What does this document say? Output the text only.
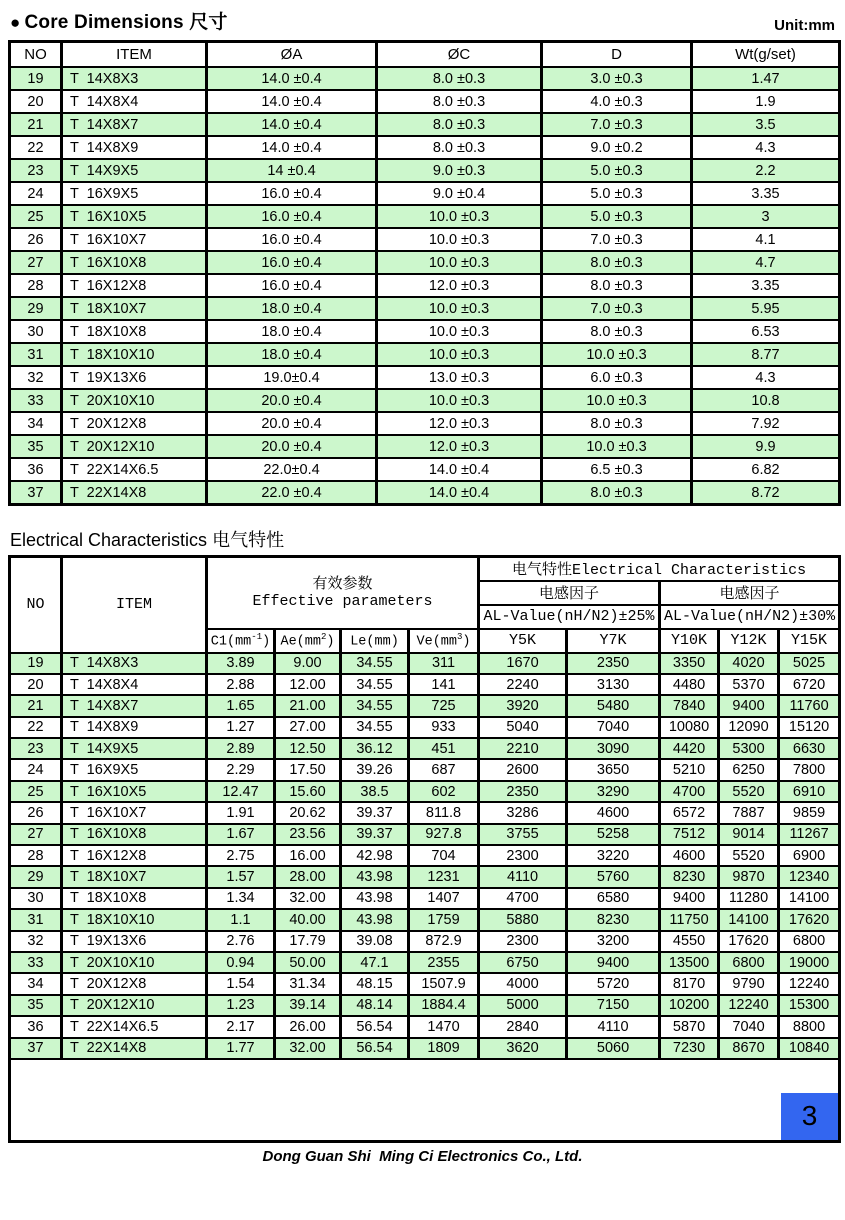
● Core Dimensions 尺寸	Unit:mm
NO	ITEM	ØA	ØC	D	Wt(g/set)
19	T  14X8X3	14.0 ±0.4	8.0 ±0.3	3.0 ±0.3	1.47
20	T  14X8X4	14.0 ±0.4	8.0 ±0.3	4.0 ±0.3	1.9
21	T  14X8X7	14.0 ±0.4	8.0 ±0.3	7.0 ±0.3	3.5
22	T  14X8X9	14.0 ±0.4	8.0 ±0.3	9.0 ±0.2	4.3
23	T  14X9X5	14 ±0.4	9.0 ±0.3	5.0 ±0.3	2.2
24	T  16X9X5	16.0 ±0.4	9.0 ±0.4	5.0 ±0.3	3.35
25	T  16X10X5	16.0 ±0.4	10.0 ±0.3	5.0 ±0.3	3
26	T  16X10X7	16.0 ±0.4	10.0 ±0.3	7.0 ±0.3	4.1
27	T  16X10X8	16.0 ±0.4	10.0 ±0.3	8.0 ±0.3	4.7
28	T  16X12X8	16.0 ±0.4	12.0 ±0.3	8.0 ±0.3	3.35
29	T  18X10X7	18.0 ±0.4	10.0 ±0.3	7.0 ±0.3	5.95
30	T  18X10X8	18.0 ±0.4	10.0 ±0.3	8.0 ±0.3	6.53
31	T  18X10X10	18.0 ±0.4	10.0 ±0.3	10.0 ±0.3	8.77
32	T  19X13X6	19.0±0.4	13.0 ±0.3	6.0 ±0.3	4.3
33	T  20X10X10	20.0 ±0.4	10.0 ±0.3	10.0 ±0.3	10.8
34	T  20X12X8	20.0 ±0.4	12.0 ±0.3	8.0 ±0.3	7.92
35	T  20X12X10	20.0 ±0.4	12.0 ±0.3	10.0 ±0.3	9.9
36	T  22X14X6.5	22.0±0.4	14.0 ±0.4	6.5 ±0.3	6.82
37	T  22X14X8	22.0 ±0.4	14.0 ±0.4	8.0 ±0.3	8.72
Electrical Characteristics 电气特性
NO	ITEM	有效参数
Effective parameters				电气特性Electrical Characteristics				
						电感因子		电感因子		
						AL-Value(nH/N2)±25%		AL-Value(nH/N2)±30%		
		$C1(mm^{-1})$	$Ae(mm^2)$	Le(mm)	$Ve(mm^3)$	Y5K	Y7K	Y10K	Y12K	Y15K
19	T  14X8X3	3.89	9.00	34.55	311	1670	2350	3350	4020	5025
20	T  14X8X4	2.88	12.00	34.55	141	2240	3130	4480	5370	6720
21	T  14X8X7	1.65	21.00	34.55	725	3920	5480	7840	9400	11760
22	T  14X8X9	1.27	27.00	34.55	933	5040	7040	10080	12090	15120
23	T  14X9X5	2.89	12.50	36.12	451	2210	3090	4420	5300	6630
24	T  16X9X5	2.29	17.50	39.26	687	2600	3650	5210	6250	7800
25	T  16X10X5	12.47	15.60	38.5	602	2350	3290	4700	5520	6910
26	T  16X10X7	1.91	20.62	39.37	811.8	3286	4600	6572	7887	9859
27	T  16X10X8	1.67	23.56	39.37	927.8	3755	5258	7512	9014	11267
28	T  16X12X8	2.75	16.00	42.98	704	2300	3220	4600	5520	6900
29	T  18X10X7	1.57	28.00	43.98	1231	4110	5760	8230	9870	12340
30	T  18X10X8	1.34	32.00	43.98	1407	4700	6580	9400	11280	14100
31	T  18X10X10	1.1	40.00	43.98	1759	5880	8230	11750	14100	17620
32	T  19X13X6	2.76	17.79	39.08	872.9	2300	3200	4550	17620	6800
33	T  20X10X10	0.94	50.00	47.1	2355	6750	9400	13500	6800	19000
34	T  20X12X8	1.54	31.34	48.15	1507.9	4000	5720	8170	9790	12240
35	T  20X12X10	1.23	39.14	48.14	1884.4	5000	7150	10200	12240	15300
36	T  22X14X6.5	2.17	26.00	56.54	1470	2840	4110	5870	7040	8800
37	T  22X14X8	1.77	32.00	56.54	1809	3620	5060	7230	8670	10840

3										
Dong Guan Shi  Ming Ci Electronics Co., Ltd.
